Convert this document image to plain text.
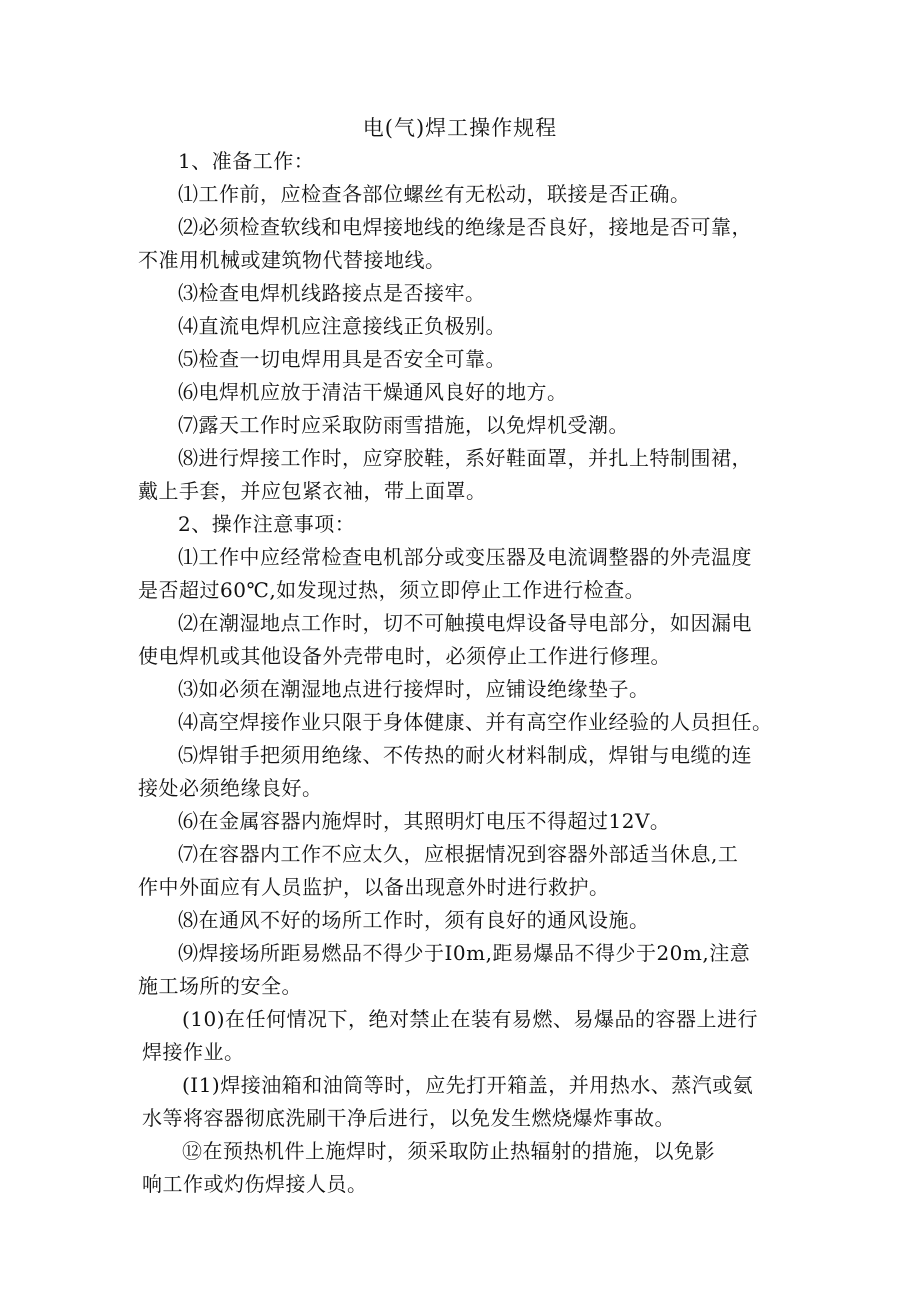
电(气)焊工操作规程

1、准备工作：

⑴工作前，应检查各部位螺丝有无松动，联接是否正确。

⑵必须检查软线和电焊接地线的绝缘是否良好，接地是否可靠，
不准用机械或建筑物代替接地线。

⑶检查电焊机线路接点是否接牢。

⑷直流电焊机应注意接线正负极别。

⑸检查一切电焊用具是否安全可靠。

⑹电焊机应放于清洁干燥通风良好的地方。

⑺露天工作时应采取防雨雪措施，以免焊机受潮。

⑻进行焊接工作时，应穿胶鞋，系好鞋面罩，并扎上特制围裙，
戴上手套，并应包紧衣袖，带上面罩。

2、操作注意事项：

⑴工作中应经常检查电机部分或变压器及电流调整器的外壳温度
是否超过60℃,如发现过热，须立即停止工作进行检查。

⑵在潮湿地点工作时，切不可触摸电焊设备导电部分，如因漏电
使电焊机或其他设备外壳带电时，必须停止工作进行修理。

⑶如必须在潮湿地点进行接焊时，应铺设绝缘垫子。

⑷高空焊接作业只限于身体健康、并有高空作业经验的人员担任。

⑸焊钳手把须用绝缘、不传热的耐火材料制成，焊钳与电缆的连
接处必须绝缘良好。

⑹在金属容器内施焊时，其照明灯电压不得超过12V。

⑺在容器内工作不应太久，应根据情况到容器外部适当休息,工
作中外面应有人员监护，以备出现意外时进行救护。

⑻在通风不好的场所工作时，须有良好的通风设施。

⑼焊接场所距易燃品不得少于I0m,距易爆品不得少于20m,注意
施工场所的安全。

(10)在任何情况下，绝对禁止在装有易燃、易爆品的容器上进行
焊接作业。

(I1)焊接油箱和油筒等时，应先打开箱盖，并用热水、蒸汽或氨
水等将容器彻底洗刷干净后进行，以免发生燃烧爆炸事故。

⑫在预热机件上施焊时，须采取防止热辐射的措施，以免影
响工作或灼伤焊接人员。
